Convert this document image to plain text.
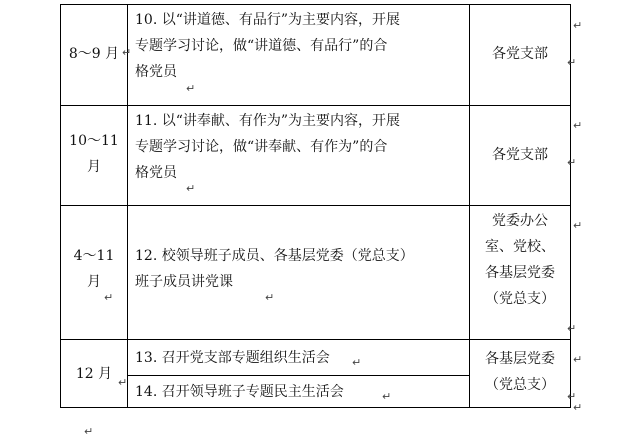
8～9 月
10. 以“讲道德、有品行”为主要内容，开展
专题学习讨论，做“讲道德、有品行”的合
格党员
各党支部
10～11
月
11. 以“讲奉献、有作为”为主要内容，开展
专题学习讨论，做“讲奉献、有作为”的合
格党员
各党支部
4～11
月
12. 校领导班子成员、各基层党委（党总支）
班子成员讲党课
党委办公
室、党校、
各基层党委
（党总支）
12 月
13. 召开党支部专题组织生活会
14. 召开领导班子专题民主生活会
各基层党委
（党总支）
↵
↵
↵
↵	↵
↵
↵
↵
↵
↵
↵
↵
↵
↵
↵
↵
↵
↵
